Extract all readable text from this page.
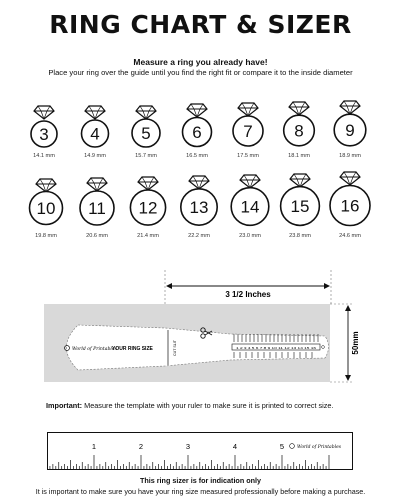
RING CHART & SIZER
Measure a ring you already have!
Place your ring over the guide until you find the right fit or compare it to the inside diameter
3 4 5 6 7 8 9
10 11 12 13 14 15 16
14.1 mm	14.9 mm	15.7 mm	16.5 mm	17.5 mm	18.1 mm	18.9 mm
19.8 mm	20.6 mm	21.4 mm	22.2 mm	23.0 mm	23.8 mm	24.6 mm
3 1/2 Inches
50mm
World of Printables
YOUR RING SIZE	CUT SLIT	1 2 3 4 5 6 7 8 9 10 11 12 13 14 15 16
Important: Measure the template with your ruler to make sure it is printed to correct size.
1	2	3	4	5	World of Printables
This ring sizer is for indication only
It is important to make sure you have your ring size measured professionally before making a purchase.
